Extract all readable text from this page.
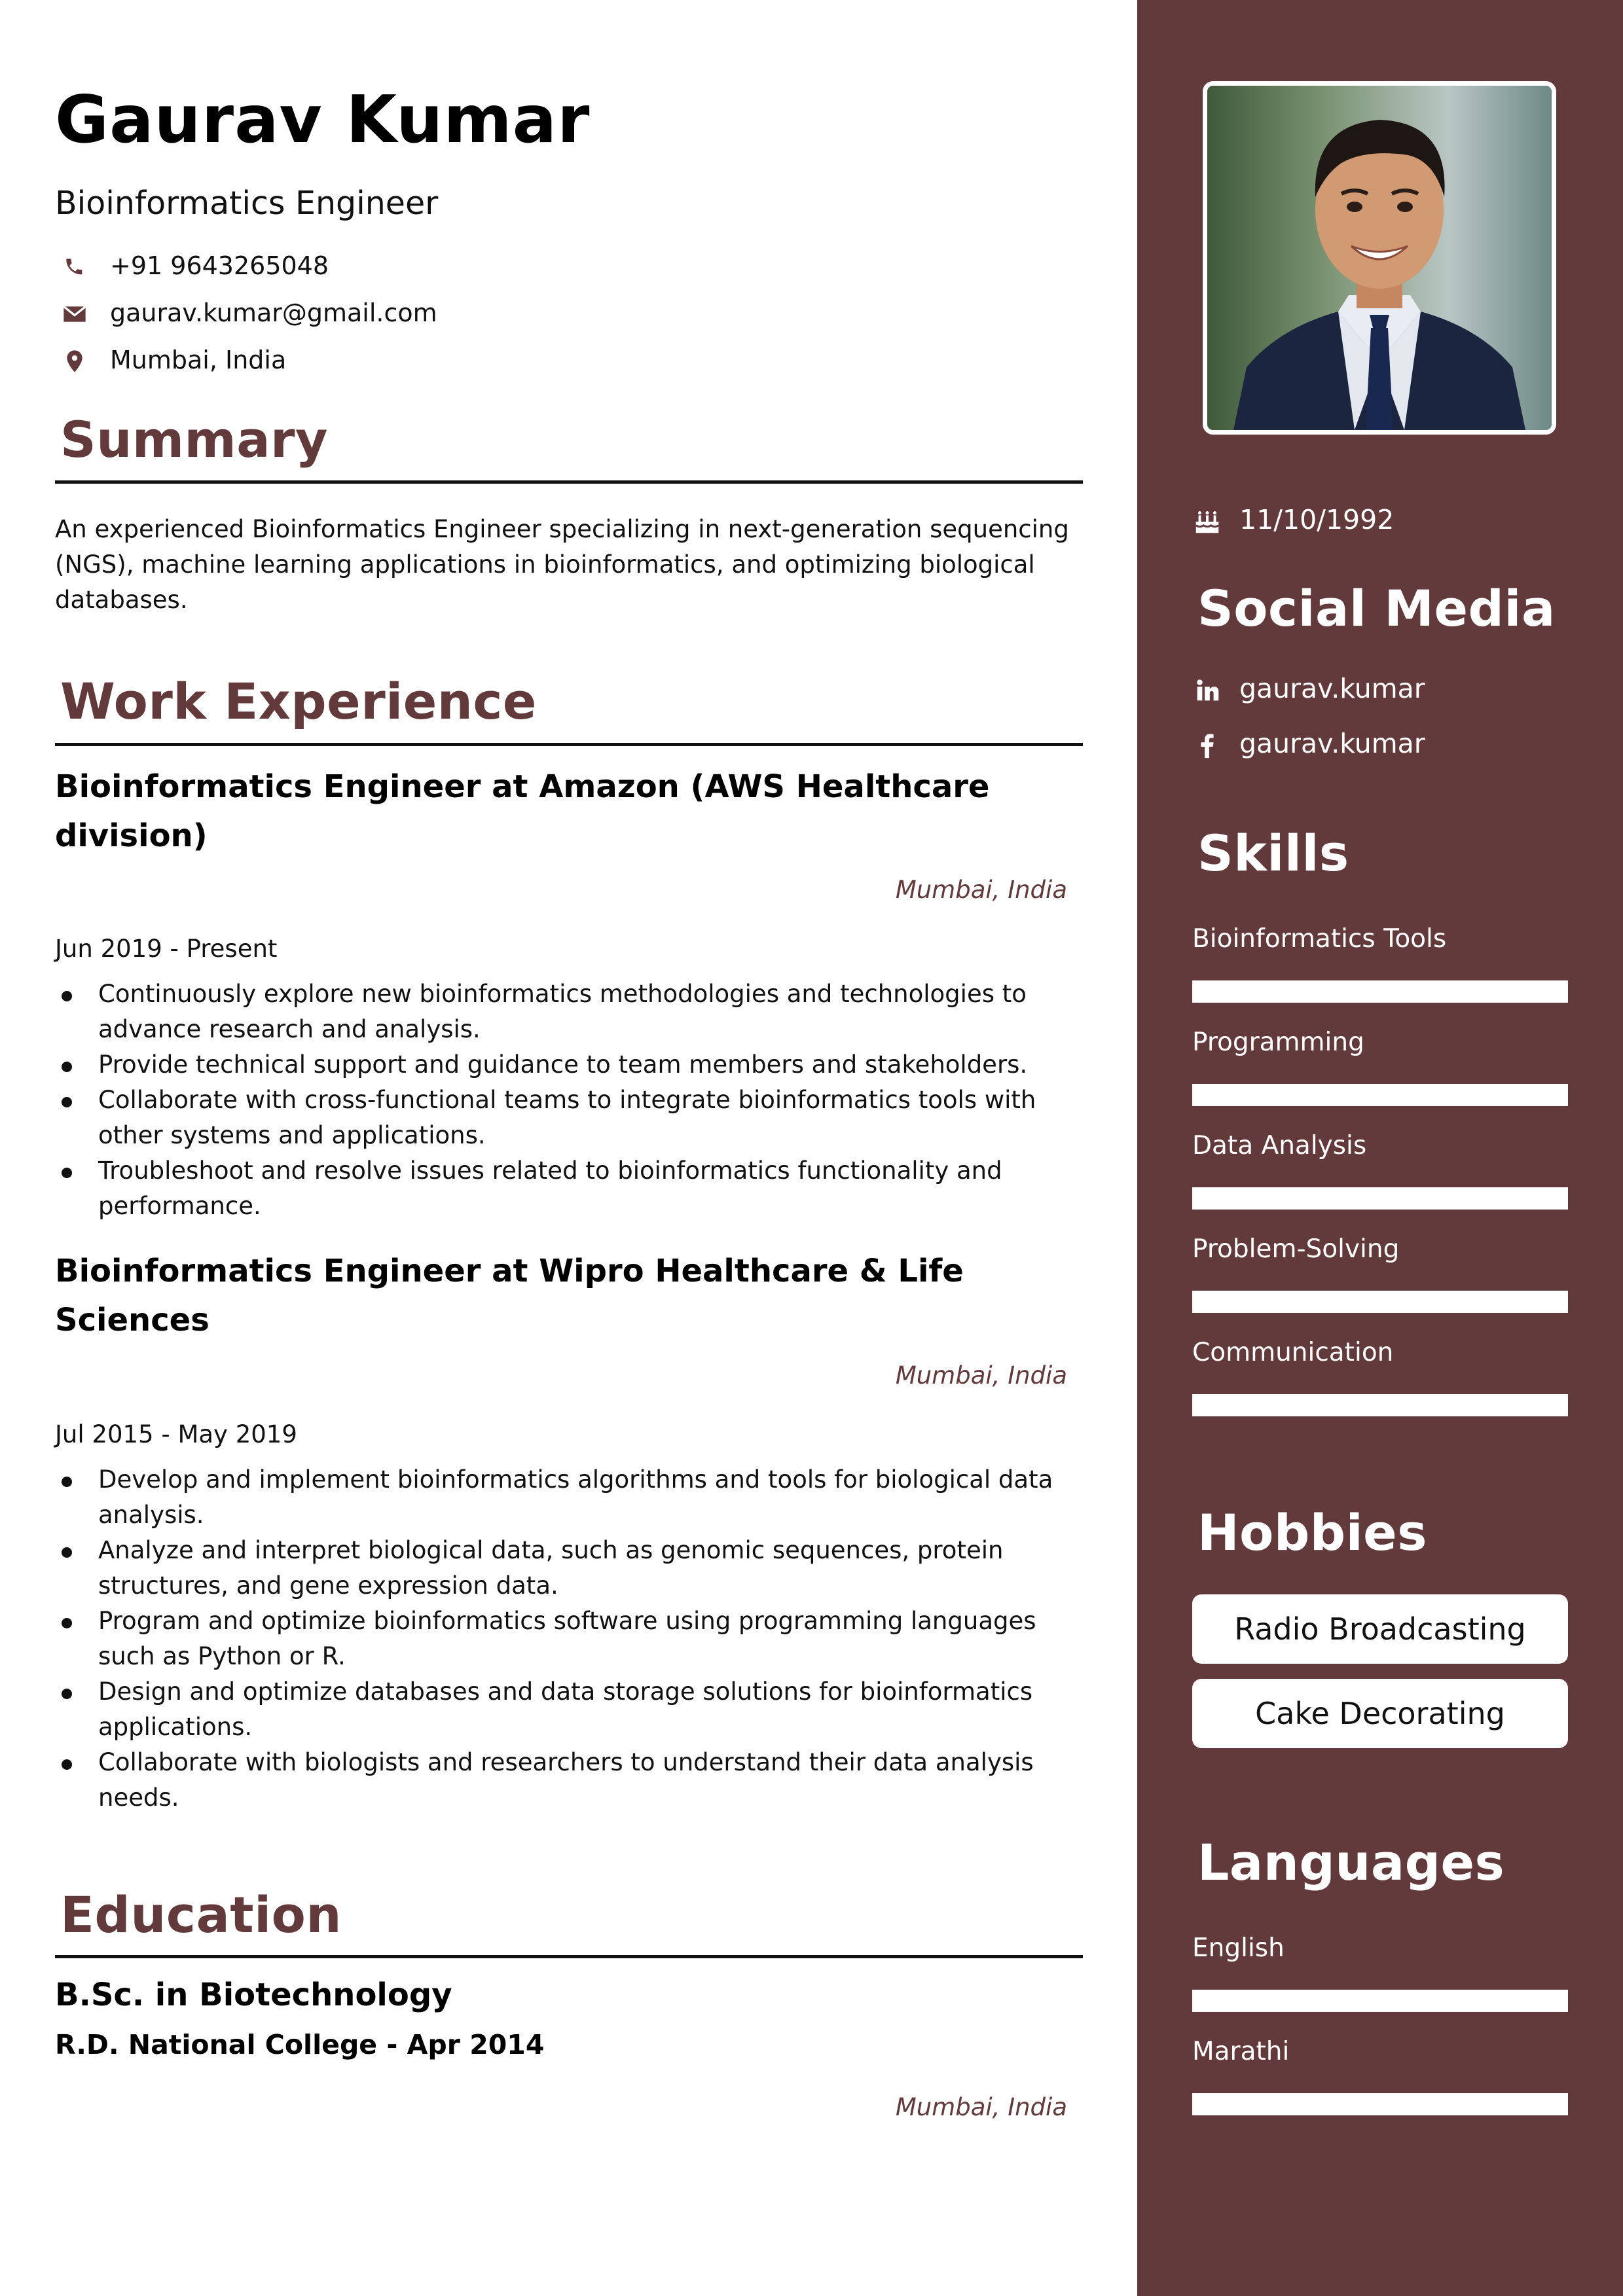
Gaurav Kumar
Bioinformatics Engineer
+91 9643265048
gaurav.kumar@gmail.com
Mumbai, India
Summary
An experienced Bioinformatics Engineer specializing in next-generation sequencing (NGS), machine learning applications in bioinformatics, and optimizing biological databases.
Work Experience
Bioinformatics Engineer at Amazon (AWS Healthcare division)
Mumbai, India
Jun 2019 - Present
Continuously explore new bioinformatics methodologies and technologies to advance research and analysis.
Provide technical support and guidance to team members and stakeholders.
Collaborate with cross-functional teams to integrate bioinformatics tools with other systems and applications.
Troubleshoot and resolve issues related to bioinformatics functionality and performance.
Bioinformatics Engineer at Wipro Healthcare & Life Sciences
Mumbai, India
Jul 2015 - May 2019
Develop and implement bioinformatics algorithms and tools for biological data analysis.
Analyze and interpret biological data, such as genomic sequences, protein structures, and gene expression data.
Program and optimize bioinformatics software using programming languages such as Python or R.
Design and optimize databases and data storage solutions for bioinformatics applications.
Collaborate with biologists and researchers to understand their data analysis needs.
Education
B.Sc. in Biotechnology
R.D. National College - Apr 2014
Mumbai, India
11/10/1992
Social Media
gaurav.kumar
gaurav.kumar
Skills
Bioinformatics Tools
Programming
Data Analysis
Problem-Solving
Communication
Hobbies
Radio Broadcasting
Cake Decorating
Languages
English
Marathi
